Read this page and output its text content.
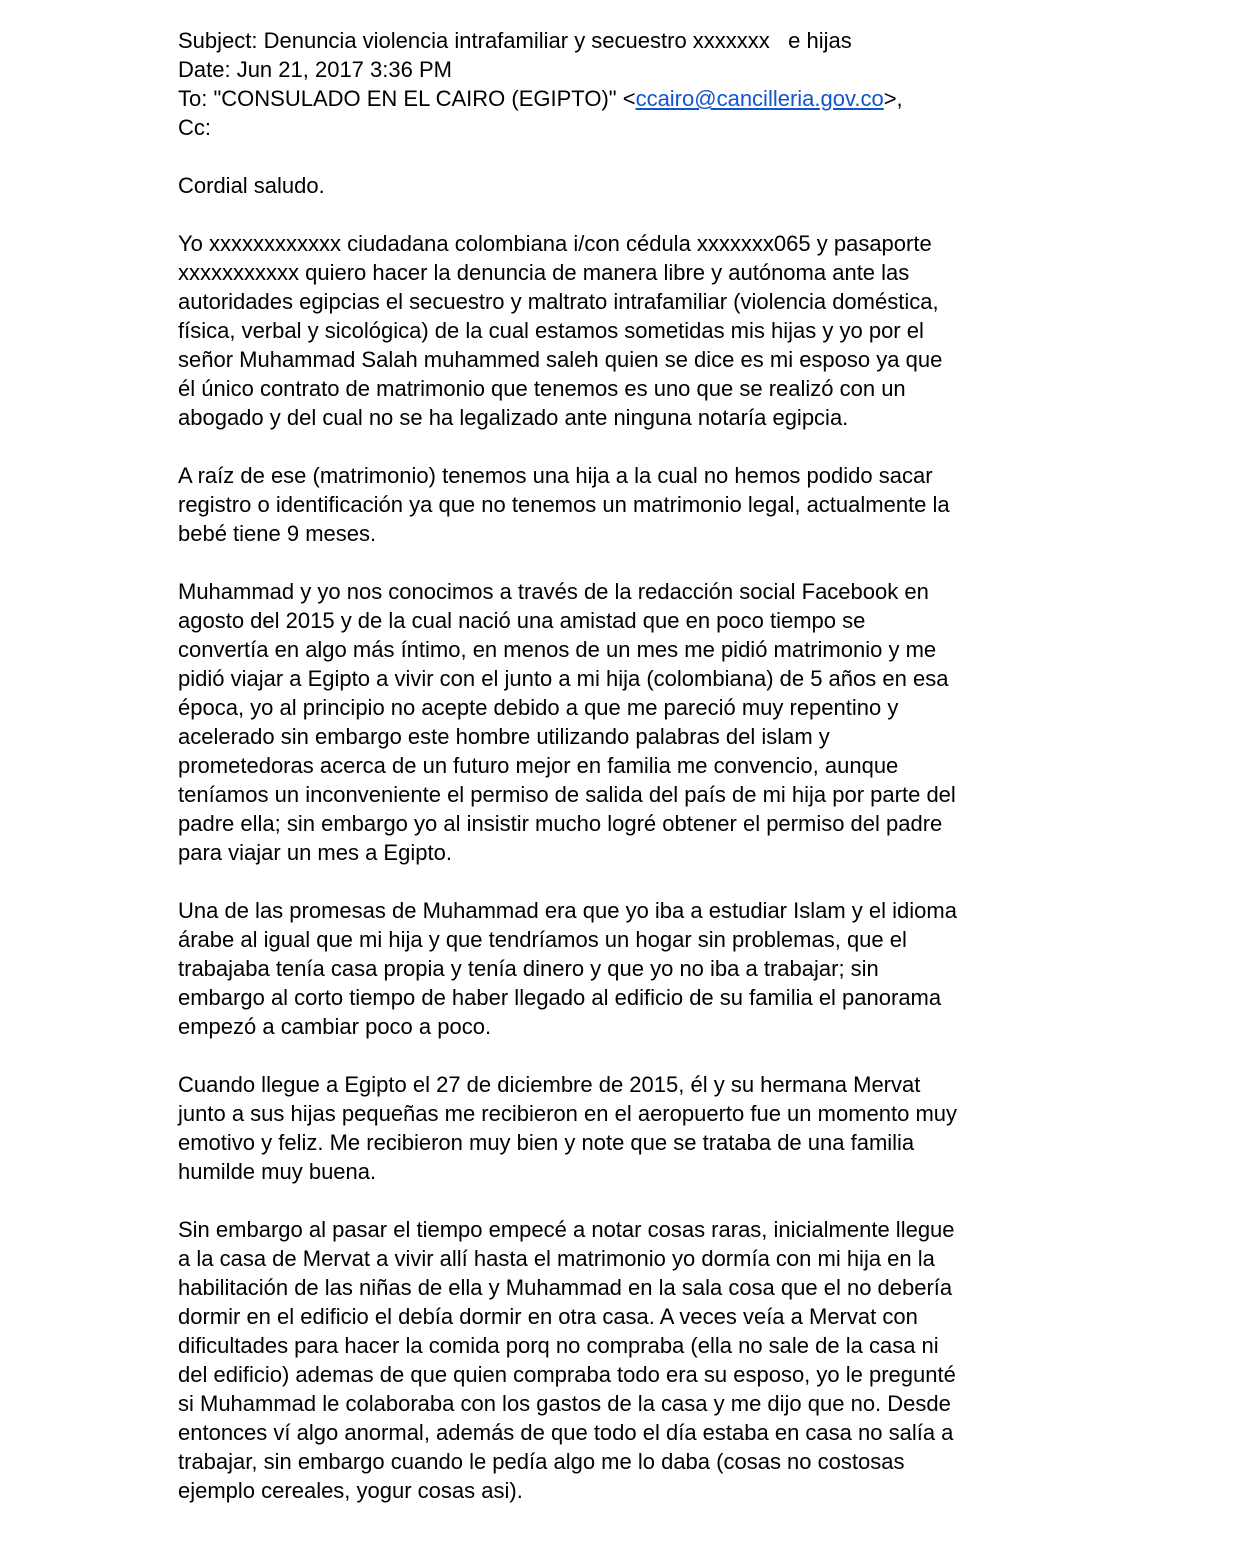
Subject: Denuncia violencia intrafamiliar y secuestro xxxxxxx   e hijas
Date: Jun 21, 2017 3:36 PM
To: "CONSULADO EN EL CAIRO (EGIPTO)" <ccairo@cancilleria.gov.co>,
Cc:

Cordial saludo.

Yo xxxxxxxxxxxx ciudadana colombiana i/con cédula xxxxxxx065 y pasaporte
xxxxxxxxxxx quiero hacer la denuncia de manera libre y autónoma ante las
autoridades egipcias el secuestro y maltrato intrafamiliar (violencia doméstica,
física, verbal y sicológica) de la cual estamos sometidas mis hijas y yo por el
señor Muhammad Salah muhammed saleh quien se dice es mi esposo ya que
él único contrato de matrimonio que tenemos es uno que se realizó con un
abogado y del cual no se ha legalizado ante ninguna notaría egipcia.

A raíz de ese (matrimonio) tenemos una hija a la cual no hemos podido sacar
registro o identificación ya que no tenemos un matrimonio legal, actualmente la
bebé tiene 9 meses.

Muhammad y yo nos conocimos a través de la redacción social Facebook en
agosto del 2015 y de la cual nació una amistad que en poco tiempo se
convertía en algo más íntimo, en menos de un mes me pidió matrimonio y me
pidió viajar a Egipto a vivir con el junto a mi hija (colombiana) de 5 años en esa
época, yo al principio no acepte debido a que me pareció muy repentino y
acelerado sin embargo este hombre utilizando palabras del islam y
prometedoras acerca de un futuro mejor en familia me convencio, aunque
teníamos un inconveniente el permiso de salida del país de mi hija por parte del
padre ella; sin embargo yo al insistir mucho logré obtener el permiso del padre
para viajar un mes a Egipto.

Una de las promesas de Muhammad era que yo iba a estudiar Islam y el idioma
árabe al igual que mi hija y que tendríamos un hogar sin problemas, que el
trabajaba tenía casa propia y tenía dinero y que yo no iba a trabajar; sin
embargo al corto tiempo de haber llegado al edificio de su familia el panorama
empezó a cambiar poco a poco.

Cuando llegue a Egipto el 27 de diciembre de 2015, él y su hermana Mervat
junto a sus hijas pequeñas me recibieron en el aeropuerto fue un momento muy
emotivo y feliz. Me recibieron muy bien y note que se trataba de una familia
humilde muy buena.

Sin embargo al pasar el tiempo empecé a notar cosas raras, inicialmente llegue
a la casa de Mervat a vivir allí hasta el matrimonio yo dormía con mi hija en la
habilitación de las niñas de ella y Muhammad en la sala cosa que el no debería
dormir en el edificio el debía dormir en otra casa. A veces veía a Mervat con
dificultades para hacer la comida porq no compraba (ella no sale de la casa ni
del edificio) ademas de que quien compraba todo era su esposo, yo le pregunté
si Muhammad le colaboraba con los gastos de la casa y me dijo que no. Desde
entonces ví algo anormal, además de que todo el día estaba en casa no salía a
trabajar, sin embargo cuando le pedía algo me lo daba (cosas no costosas
ejemplo cereales, yogur cosas asi).
